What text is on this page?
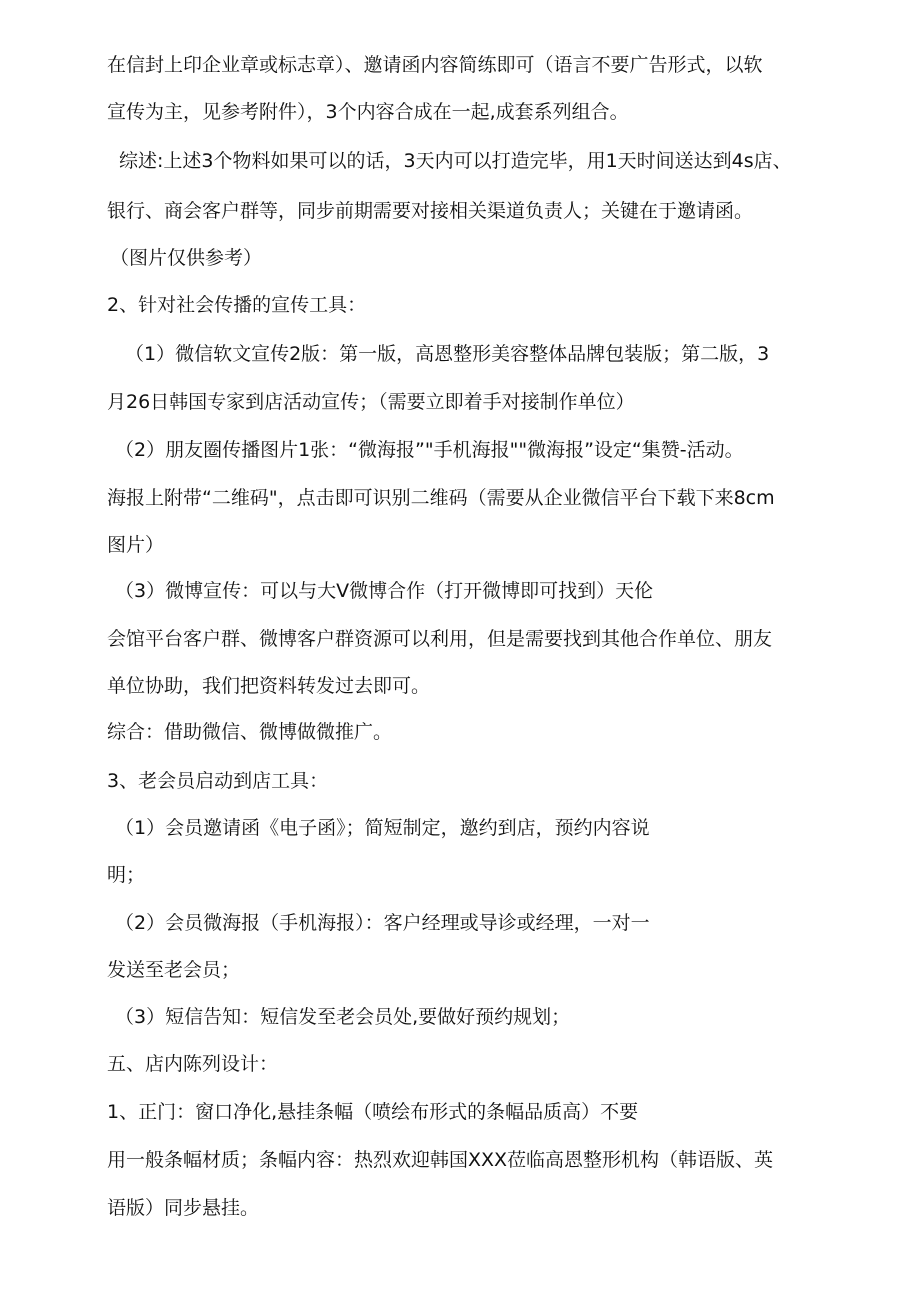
在信封上印企业章或标志章）、邀请函内容简练即可（语言不要广告形式，以软
宣传为主，见参考附件），3个内容合成在一起,成套系列组合。
综述:上述3个物料如果可以的话，3天内可以打造完毕，用1天时间送达到4s店、
银行、商会客户群等，同步前期需要对接相关渠道负责人；关键在于邀请函。
（图片仅供参考）
2、针对社会传播的宣传工具：
（1）微信软文宣传2版：第一版，高恩整形美容整体品牌包装版；第二版，3
月26日韩国专家到店活动宣传；（需要立即着手对接制作单位）
（2）朋友圈传播图片1张：“微海报”"手机海报""微海报”设定“集赞-活动。
海报上附带“二维码"，点击即可识别二维码（需要从企业微信平台下载下来8cm
图片）
（3）微博宣传：可以与大V微博合作（打开微博即可找到）天伦
会馆平台客户群、微博客户群资源可以利用，但是需要找到其他合作单位、朋友
单位协助，我们把资料转发过去即可。
综合：借助微信、微博做微推广。
3、老会员启动到店工具：
（1）会员邀请函《电子函》；简短制定，邀约到店，预约内容说
明；
（2）会员微海报（手机海报）：客户经理或导诊或经理，一对一
发送至老会员；
（3）短信告知：短信发至老会员处,要做好预约规划；
五、店内陈列设计：
1、正门：窗口净化,悬挂条幅（喷绘布形式的条幅品质高）不要
用一般条幅材质；条幅内容：热烈欢迎韩国XXX莅临高恩整形机构（韩语版、英
语版）同步悬挂。
